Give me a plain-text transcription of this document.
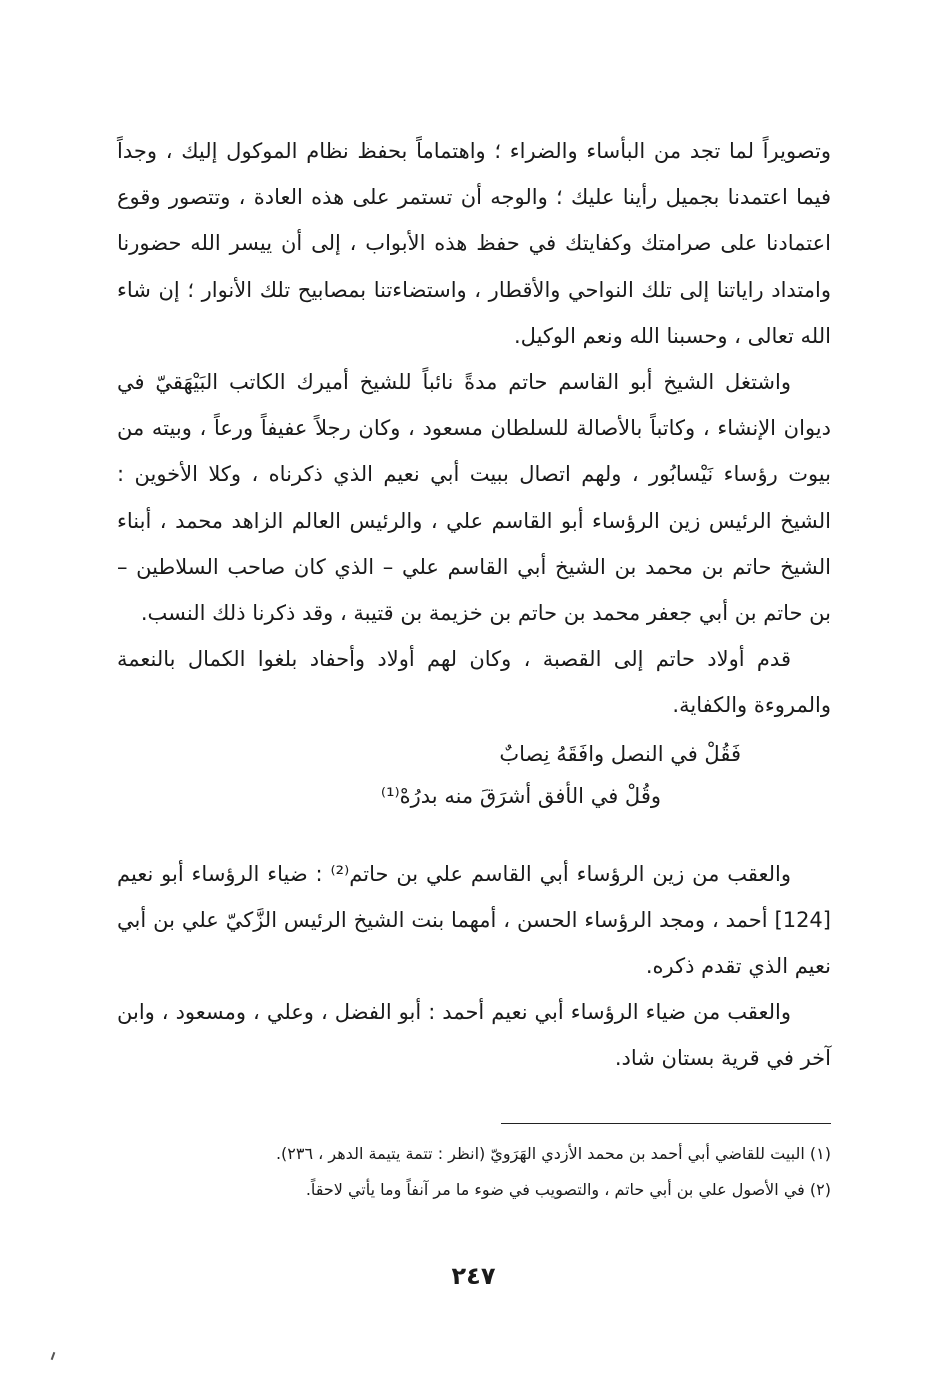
وتصويراً لما تجد من البأساء والضراء ؛ واهتماماً بحفظ نظام الموكول إليك ، وجداً فيما اعتمدنا بجميل رأينا عليك ؛ والوجه أن تستمر على هذه العادة ، وتتصور وقوع اعتمادنا على صرامتك وكفايتك في حفظ هذه الأبواب ، إلى أن ييسر الله حضورنا وامتداد راياتنا إلى تلك النواحي والأقطار ، واستضاءتنا بمصابيح تلك الأنوار ؛ إن شاء الله تعالى ، وحسبنا الله ونعم الوكيل.

واشتغل الشيخ أبو القاسم حاتم مدةً نائباً للشيخ أميرك الكاتب البَيْهَقيّ في ديوان الإنشاء ، وكاتباً بالأصالة للسلطان مسعود ، وكان رجلاً عفيفاً ورعاً ، وبيته من بيوت رؤساء نَيْسابُور ، ولهم اتصال ببيت أبي نعيم الذي ذكرناه ، وكلا الأخوين : الشيخ الرئيس زين الرؤساء أبو القاسم علي ، والرئيس العالم الزاهد محمد ، أبناء الشيخ حاتم بن محمد بن الشيخ أبي القاسم علي – الذي كان صاحب السلاطين – بن حاتم بن أبي جعفر محمد بن حاتم بن خزيمة بن قتيبة ، وقد ذكرنا ذلك النسب.

قدم أولاد حاتم إلى القصبة ، وكان لهم أولاد وأحفاد بلغوا الكمال بالنعمة والمروءة والكفاية.

فَقُلْ في النصل وافَقَهُ نِصابٌ
وقُلْ في الأفق أشرَقَ منه بدرُهْ⁽¹⁾

والعقب من زين الرؤساء أبي القاسم علي بن حاتم⁽²⁾ : ضياء الرؤساء أبو نعيم [124] أحمد ، ومجد الرؤساء الحسن ، أمهما بنت الشيخ الرئيس الزَّكيّ علي بن أبي نعيم الذي تقدم ذكره.

والعقب من ضياء الرؤساء أبي نعيم أحمد : أبو الفضل ، وعلي ، ومسعود ، وابن آخر في قرية بستان شاد.

(١) البيت للقاضي أبي أحمد بن محمد الأزدي الهَرَويّ (انظر : تتمة يتيمة الدهر ، ٢٣٦).

(٢) في الأصول علي بن أبي حاتم ، والتصويب في ضوء ما مر آنفاً وما يأتي لاحقاً.

٢٤٧
